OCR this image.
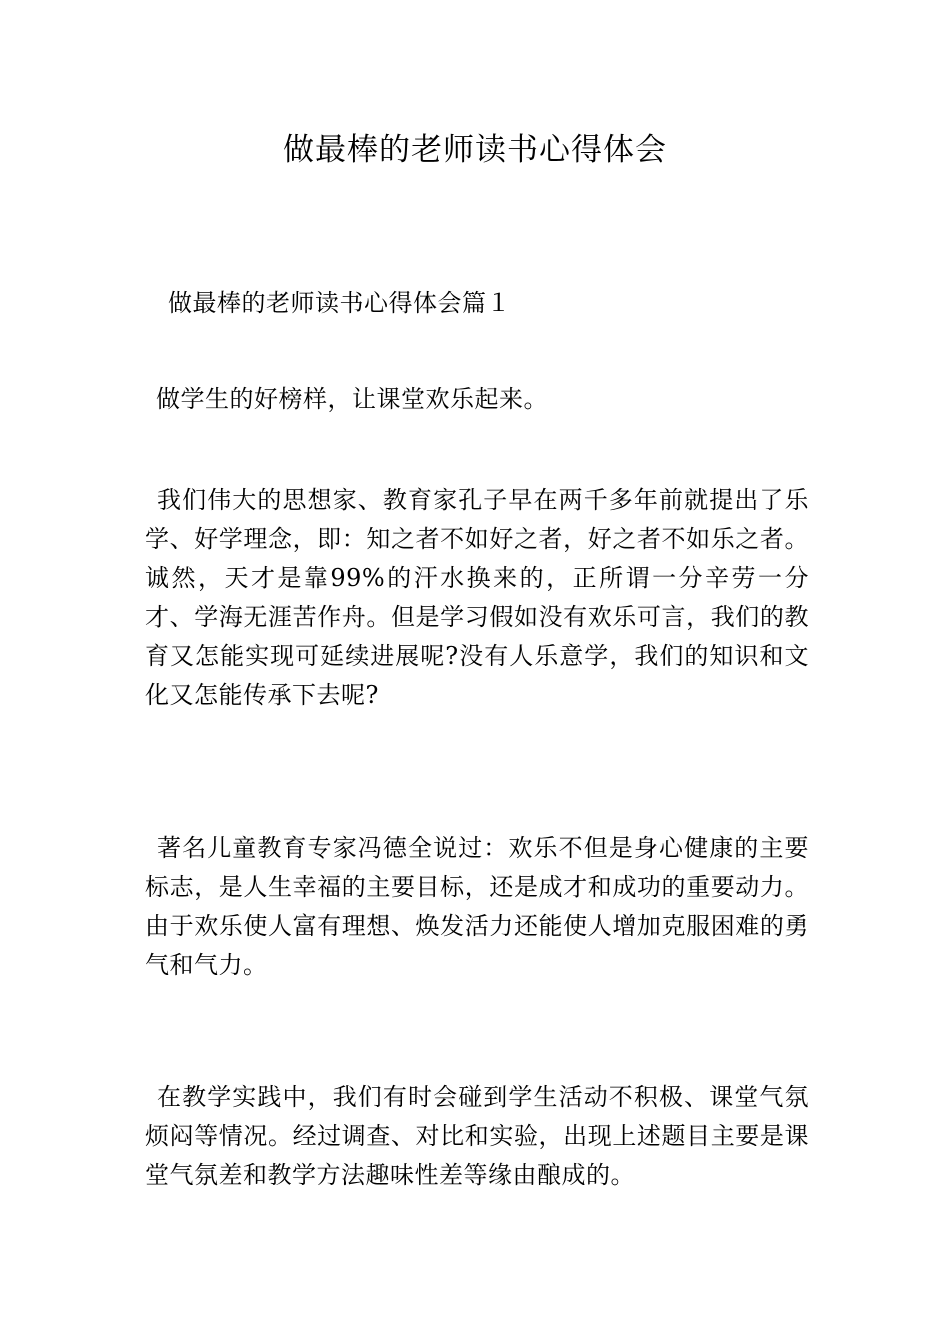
做最棒的老师读书心得体会

做最棒的老师读书心得体会篇１

做学生的好榜样，让课堂欢乐起来。

我们伟大的思想家、教育家孔子早在两千多年前就提出了乐学、好学理念，即：知之者不如好之者，好之者不如乐之者。诚然，天才是靠99%的汗水换来的，正所谓一分辛劳一分才、学海无涯苦作舟。但是学习假如没有欢乐可言，我们的教育又怎能实现可延续进展呢?没有人乐意学，我们的知识和文化又怎能传承下去呢?

著名儿童教育专家冯德全说过：欢乐不但是身心健康的主要标志，是人生幸福的主要目标，还是成才和成功的重要动力。由于欢乐使人富有理想、焕发活力还能使人增加克服困难的勇气和气力。

在教学实践中，我们有时会碰到学生活动不积极、课堂气氛烦闷等情况。经过调查、对比和实验，出现上述题目主要是课堂气氛差和教学方法趣味性差等缘由酿成的。
